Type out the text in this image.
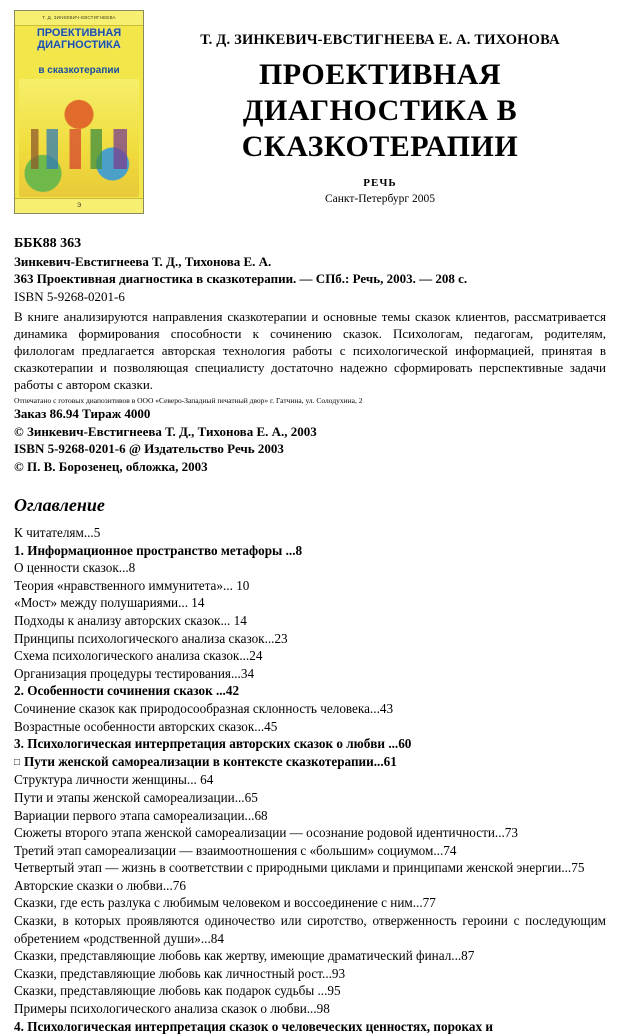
Т. Д. ЗИНКЕВИЧ-ЕВСТИГНЕЕВА
ПРОЕКТИВНАЯ ДИАГНОСТИКА
в сказкотерапии
Э
Т. Д. ЗИНКЕВИЧ-ЕВСТИГНЕЕВА Е. А. ТИХОНОВА
ПРОЕКТИВНАЯ ДИАГНОСТИКА В СКАЗКОТЕРАПИИ
РЕЧЬ
Санкт-Петербург 2005
ББК88 363
Зинкевич-Евстигнеева Т. Д., Тихонова Е. А.
363 Проективная диагностика в сказкотерапии. — СПб.: Речь, 2003. — 208 с.
ISBN 5-9268-0201-6
В книге анализируются направления сказкотерапии и основные темы сказок клиентов, рассматривается динамика формирования способности к сочинению сказок. Психологам, педагогам, родителям, филологам предлагается авторская технология работы с психологической информацией, принятая в сказкотерапии и позволяющая специалисту достаточно надежно сформировать перспективные задачи работы с автором сказки.
Отпечатано с готовых диапозитивов в ООО «Северо-Западный печатный двор» г. Гатчина, ул. Солодухина, 2
Заказ 86.94 Тираж 4000
© Зинкевич-Евстигнеева Т. Д., Тихонова Е. А., 2003
ISBN 5-9268-0201-6 @ Издательство Речь 2003
© П. В. Борозенец, обложка, 2003
Оглавление
К читателям...5
1. Информационное пространство метафоры ...8
О ценности сказок...8
Теория «нравственного иммунитета»... 10
«Мост» между полушариями... 14
Подходы к анализу авторских сказок... 14
Принципы психологического анализа сказок...23
Схема психологического анализа сказок...24
Организация процедуры тестирования...34
2. Особенности сочинения сказок ...42
Сочинение сказок как природосообразная склонность человека...43
Возрастные особенности авторских сказок...45
3. Психологическая интерпретация авторских сказок о любви ...60
□ Пути женской самореализации в контексте сказкотерапии...61
Структура личности женщины... 64
Пути и этапы женской самореализации...65
Вариации первого этапа самореализации...68
Сюжеты второго этапа женской самореализации — осознание родовой идентичности...73
Третий этап самореализации — взаимоотношения с «большим» социумом...74
Четвертый этап — жизнь в соответствии с природными циклами и принципами женской энергии...75
Авторские сказки о любви...76
Сказки, где есть разлука с любимым человеком и воссоединение с ним...77
Сказки, в которых проявляются одиночество или сиротство, отверженность героини с последующим обретением «родственной души»...84
Сказки, представляющие любовь как жертву, имеющие драматический финал...87
Сказки, представляющие любовь как личностный рост...93
Сказки, представляющие любовь как подарок судьбы ...95
Примеры психологического анализа сказок о любви...98
4. Психологическая интерпретация сказок о человеческих ценностях, пороках и
